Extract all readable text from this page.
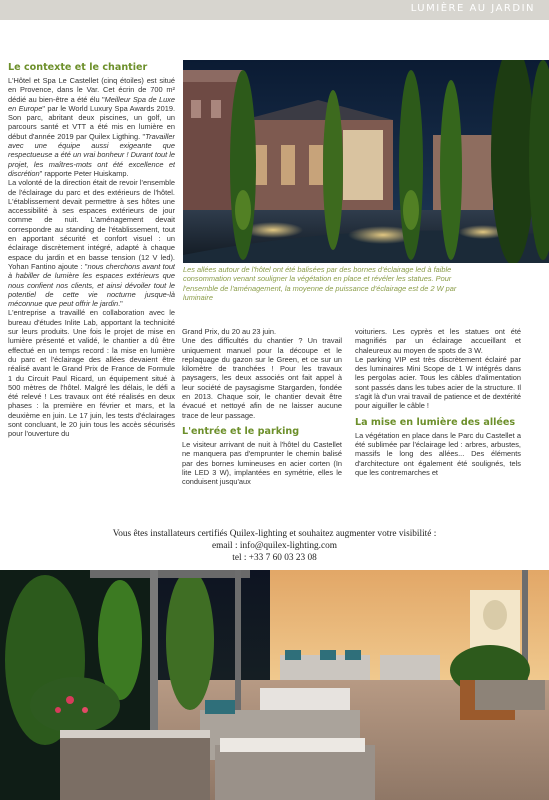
LUMIÈRE AU JARDIN
Le contexte et le chantier

L'Hôtel et Spa Le Castellet (cinq étoiles) est situé en Provence, dans le Var. Cet écrin de 700 m² dédié au bien-être a été élu "Meilleur Spa de Luxe en Europe" par le World Luxury Spa Awards 2019. Son parc, abritant deux piscines, un golf, un parcours santé et VTT a été mis en lumière en début d'année 2019 par Quilex Ligthing. "Travailler avec une équipe aussi exigeante que respectueuse a été un vrai bonheur ! Durant tout le projet, les maîtres-mots ont été excellence et discrétion" rapporte Peter Huiskamp.

La volonté de la direction était de revoir l'ensemble de l'éclairage du parc et des extérieurs de l'hôtel. L'établissement devait permettre à ses hôtes une accessibilité à ses espaces extérieurs de jour comme de nuit. L'aménagement devait correspondre au standing de l'établissement, tout en apportant sécurité et confort visuel : un éclairage discrètement intégré, adapté à chaque espace du jardin et en basse tension (12 V led). Yohan Fantino ajoute : "nous cherchons avant tout à habiller de lumière les espaces extérieurs que nous confient nos clients, et ainsi dévoiler tout le potentiel de cette vie nocturne jusque-là méconnue que peut offrir le jardin."

L'entreprise a travaillé en collaboration avec le bureau d'études Inlite Lab, apportant la technicité sur leurs produits. Une fois le projet de mise en lumière présenté et validé, le chantier a dû être effectué en un temps record : la mise en lumière du parc et l'éclairage des allées devaient être réalisé avant le Grand Prix de France de Formule 1 du Circuit Paul Ricard, un équipement situé à 500 mètres de l'hôtel. Malgré les délais, le défi a été relevé ! Les travaux ont été réalisés en deux phases : la première en février et mars, et la deuxième en juin. Le 17 juin, les tests d'éclairages sont concluant, le 20 juin tous les accès sécurisés pour l'ouverture du

Les allées autour de l'hôtel ont été balisées par des bornes d'éclairage led à faible consommation venant souligner la végétation en place et révéler les statues. Pour l'ensemble de l'aménagement, la moyenne de puissance d'éclairage est de 2 W par luminaire

Grand Prix, du 20 au 23 juin.

Une des difficultés du chantier ? Un travail uniquement manuel pour la découpe et le replaquage du gazon sur le Green, et ce sur un kilomètre de tranchées ! Pour les travaux paysagers, les deux associés ont fait appel à leur société de paysagisme Stargarden, fondée en 2013. Chaque soir, le chantier devait être évacué et nettoyé afin de ne laisser aucune trace de leur passage.

L'entrée et le parking

Le visiteur arrivant de nuit à l'hôtel du Castellet ne manquera pas d'emprunter le chemin balisé par des bornes lumineuses en acier corten (In lite LED 3 W), implantées en symétrie, elles le conduisent jusqu'aux

voituriers. Les cyprès et les statues ont été magnifiés par un éclairage accueillant et chaleureux au moyen de spots de 3 W.

Le parking VIP est très discrètement éclairé par des luminaires Mini Scope de 1 W intégrés dans les pergolas acier. Tous les câbles d'alimentation sont passés dans les tubes acier de la structure. Il s'agit là d'un vrai travail de patience et de dextérité pour aiguiller le câble !

La mise en lumière des allées

La végétation en place dans le Parc du Castellet a été sublimée par l'éclairage led : arbres, arbustes, massifs le long des allées... Des éléments d'architecture ont également été soulignés, tels que les contremarches et

Vous êtes installateurs certifiés Quilex-lighting et souhaitez augmenter votre visibilité :
email : info@quilex-lighting.com
tel : +33 7 60 03 23 08
